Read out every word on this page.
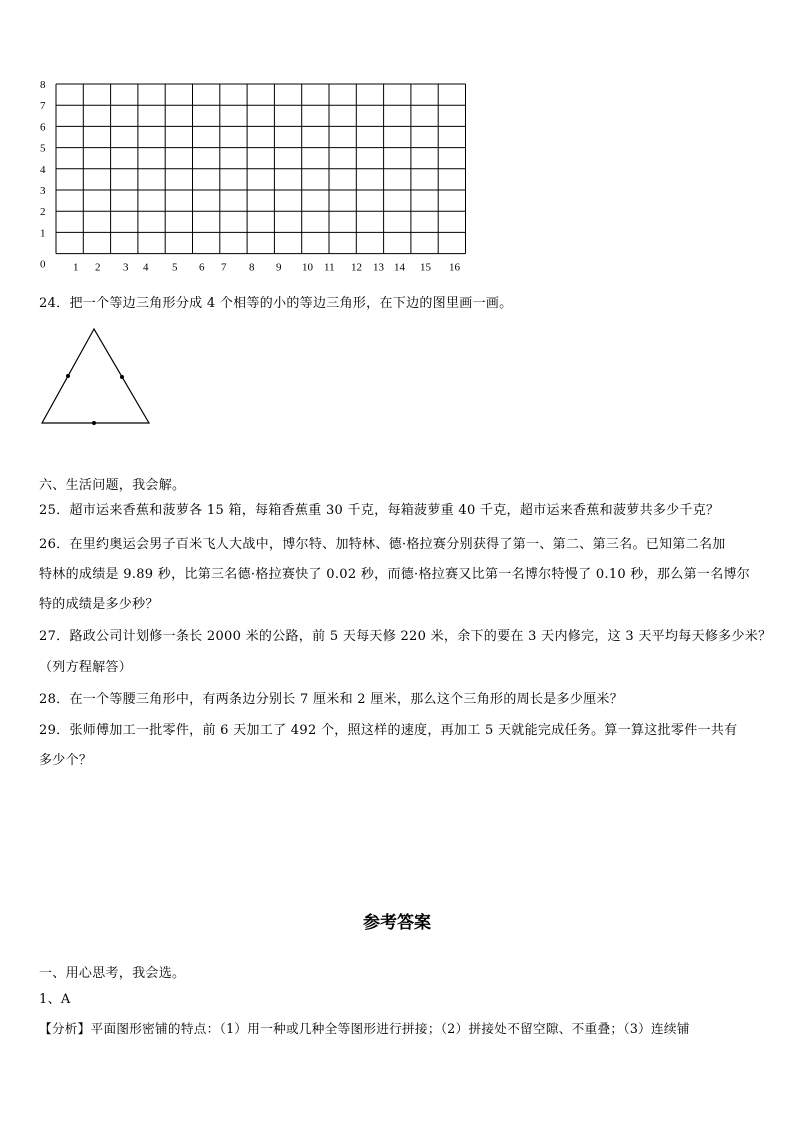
0
1
2
3
4
5
6
7
8
1 2 3 4 5 6 7 8 9 10 11 12 13 14 15 16
24．把一个等边三角形分成 4 个相等的小的等边三角形，在下边的图里画一画。
六、生活问题，我会解。
25．超市运来香蕉和菠萝各 15 箱，每箱香蕉重 30 千克，每箱菠萝重 40 千克，超市运来香蕉和菠萝共多少千克？
26．在里约奥运会男子百米飞人大战中，博尔特、加特林、德·格拉赛分别获得了第一、第二、第三名。已知第二名加
特林的成绩是 9.89 秒，比第三名德·格拉赛快了 0.02 秒，而德·格拉赛又比第一名博尔特慢了 0.10 秒，那么第一名博尔
特的成绩是多少秒？
27．路政公司计划修一条长 2000 米的公路，前 5 天每天修 220 米，余下的要在 3 天内修完，这 3 天平均每天修多少米？
（列方程解答）
28．在一个等腰三角形中，有两条边分别长 7 厘米和 2 厘米，那么这个三角形的周长是多少厘米？
29．张师傅加工一批零件，前 6 天加工了 492 个，照这样的速度，再加工 5 天就能完成任务。算一算这批零件一共有
多少个？
参考答案
一、用心思考，我会选。
1、A
【分析】平面图形密铺的特点：（1）用一种或几种全等图形进行拼接；（2）拼接处不留空隙、不重叠；（3）连续铺
